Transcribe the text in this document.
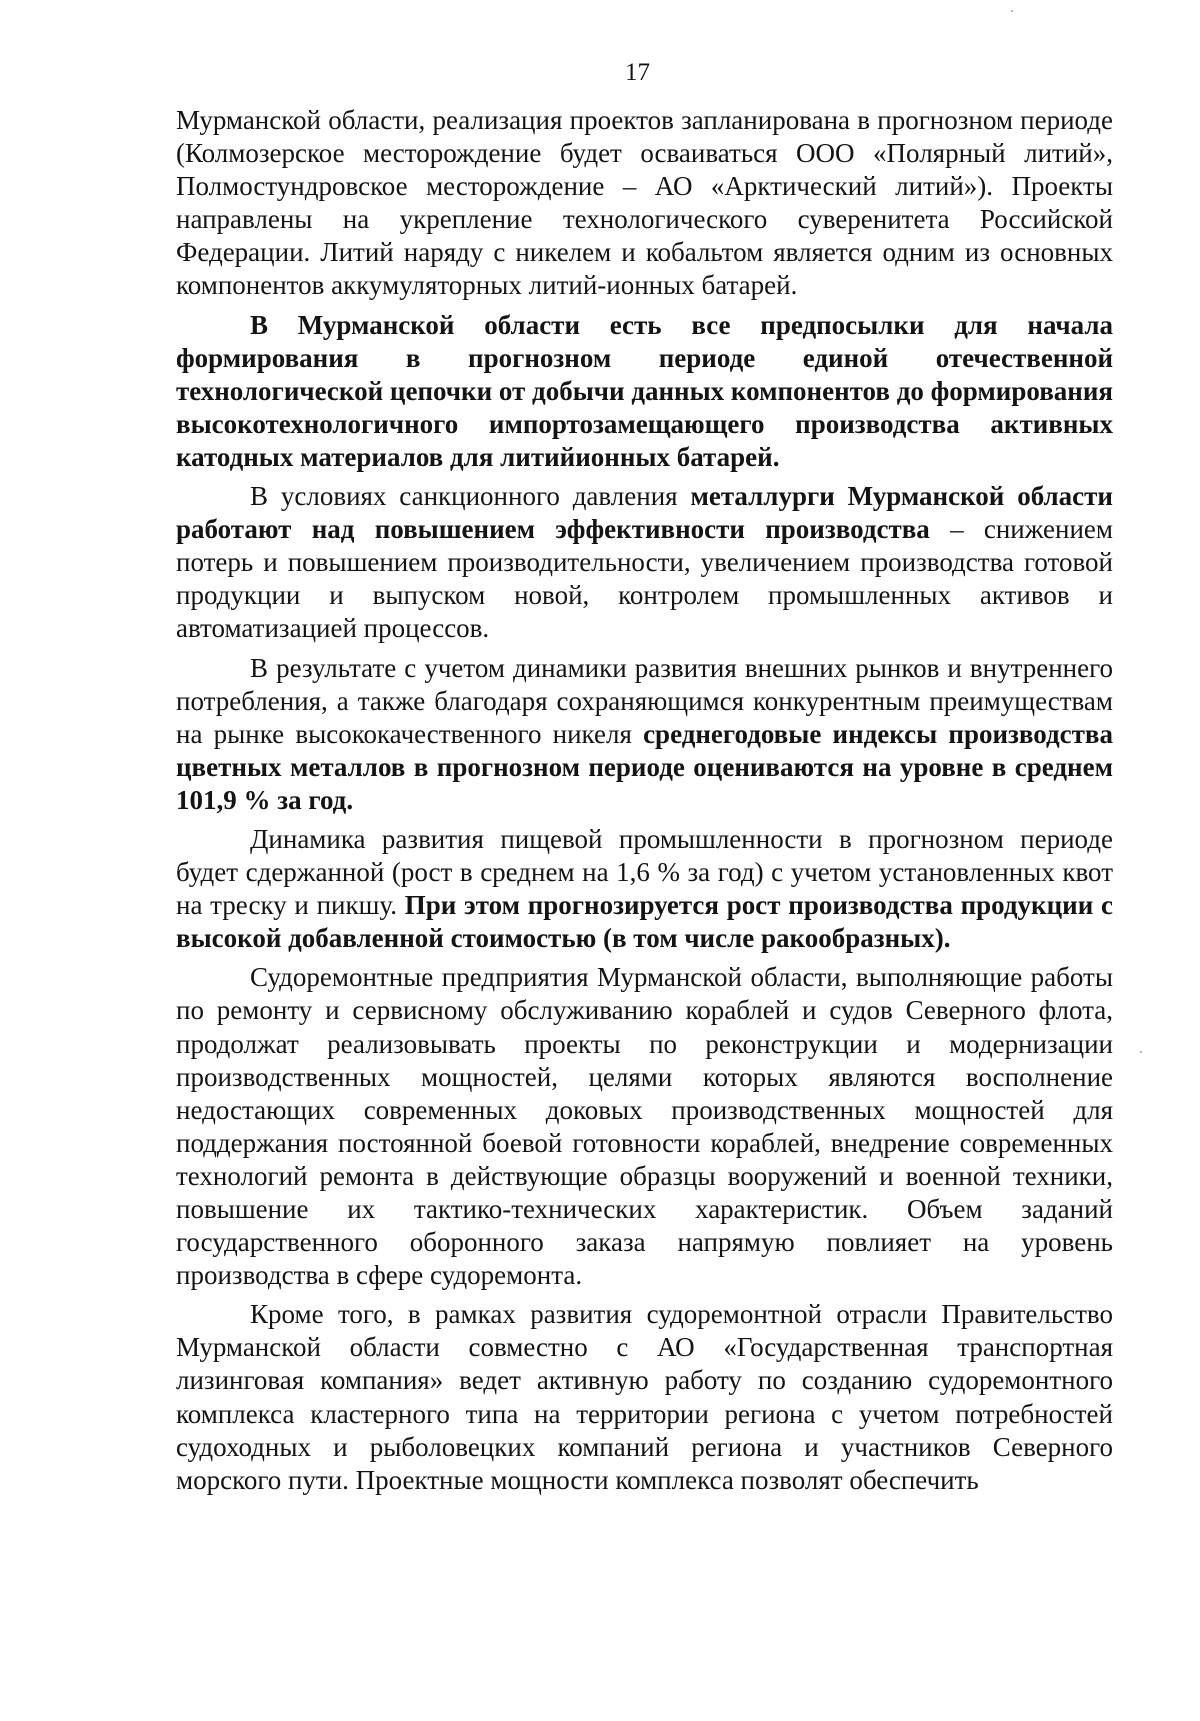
17

Мурманской области, реализация проектов запланирована в прогнозном периоде (Колмозерское месторождение будет осваиваться ООО «Полярный литий», Полмостундровское месторождение – АО «Арктический литий»). Проекты направлены на укрепление технологического суверенитета Российской Федерации. Литий наряду с никелем и кобальтом является одним из основных компонентов аккумуляторных литий-ионных батарей.

В Мурманской области есть все предпосылки для начала формирования в прогнозном периоде единой отечественной технологической цепочки от добычи данных компонентов до формирования высокотехнологичного импортозамещающего производства активных катодных материалов для литийионных батарей.

В условиях санкционного давления металлурги Мурманской области работают над повышением эффективности производства – снижением потерь и повышением производительности, увеличением производства готовой продукции и выпуском новой, контролем промышленных активов и автоматизацией процессов.

В результате с учетом динамики развития внешних рынков и внутреннего потребления, а также благодаря сохраняющимся конкурентным преимуществам на рынке высококачественного никеля среднегодовые индексы производства цветных металлов в прогнозном периоде оцениваются на уровне в среднем 101,9 % за год.

Динамика развития пищевой промышленности в прогнозном периоде будет сдержанной (рост в среднем на 1,6 % за год) с учетом установленных квот на треску и пикшу. При этом прогнозируется рост производства продукции с высокой добавленной стоимостью (в том числе ракообразных).

Судоремонтные предприятия Мурманской области, выполняющие работы по ремонту и сервисному обслуживанию кораблей и судов Северного флота, продолжат реализовывать проекты по реконструкции и модернизации производственных мощностей, целями которых являются восполнение недостающих современных доковых производственных мощностей для поддержания постоянной боевой готовности кораблей, внедрение современных технологий ремонта в действующие образцы вооружений и военной техники, повышение их тактико-технических характеристик. Объем заданий государственного оборонного заказа напрямую повлияет на уровень производства в сфере судоремонта.

Кроме того, в рамках развития судоремонтной отрасли Правительство Мурманской области совместно с АО «Государственная транспортная лизинговая компания» ведет активную работу по созданию судоремонтного комплекса кластерного типа на территории региона с учетом потребностей судоходных и рыболовецких компаний региона и участников Северного морского пути. Проектные мощности комплекса позволят обеспечить
